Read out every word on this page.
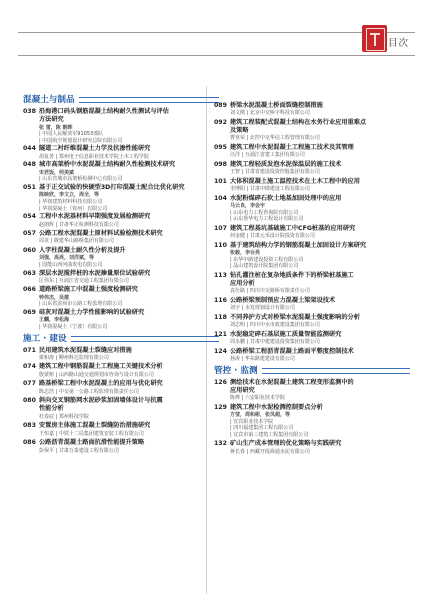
目次
混凝土与制品
038 沿海港口码头钢筋混凝土结构耐久性测试与评估
方法研究
张 雷，陈 朝晖
| 中国人民解放军91053部队
| 中国航空规划设计研究总院有限公司
044 隧道二衬纤维混凝土力学及抗渗性能研究
胡复善 | 郑州电子信息职业技术学院土木工程学院
048 城市高架桥中水泥混凝土结构耐久性检测技术研究
宋君饭，何美斌
| 山东省城市高架桥检测中心有限公司
051 基于正交试验的快硬型3D打印混凝土配合比优化研究
陈映欣，李文立，周全，等
| 华润建筑材料科技有限公司
| 华润混凝土（钦州）有限公司
054 工程中水泥基材料早期强度发展检测研究
赵朗辉 | 甘肃华正检测科技有限公司
057 公路工程水泥混凝土原材料试验检测技术研究
周龙 | 陇建华山路桥集团有限公司
060 人字柱混凝土耐久性分析及提升
刘强，高亮，刘洋斌，等
| 国能山西河曲发电有限公司
063 深层水泥搅拌桩的水泥掺量原位试验研究
匡伟东 | 互浦江省交通工程集团有限公司
066 道路桥梁施工中混凝土强度检测研究
钟伟杰，吴建
| 山东省滨州市公路工程监理有限公司
069 硅灰对混凝土力学性能影响的试验研究
王麟，李松海
| 华润混凝土（宁波）有限公司
施工 · 建设
071 民用建筑水泥混凝土裂缝应对措施
栗和涛 | 柳州科达监理有限公司
074 建筑工程中钢筋混凝土工程施工关键技术分析
殷蒙树 | 山西路山通交通规划市咨询与设计有限公司
077 路基桥梁工程中水泥混凝土的应用与优化研究
陈志浩 | 中交第一公路工程监理有限责任公司
080 斜向交叉钢筋网水泥砂浆加固墙体设计与抗震
性能分析
杜春辰 | 郑州科技学院
083 安置房主体施工混凝土裂缝防治措施研究
王恒嘉 | 中铁十二局集团建筑安装工程有限公司
086 公路沥青混凝土路面抗滑性能提升策略
彭保平 | 甘肃万泰建设工程有限公司
089 桥梁水泥混凝土桥面裂缝控制措施
刘文刚 | 北京中交桥宇科技有限公司
092 建筑工程装配式混凝土结构在水务行业应用重难点
及策略
曹亚荣 | 北控中交华信工程管理有限公司
095 建筑工程中水泥混凝土工程施工技术及其管理
汪洋 | 互浦江省建工集团有限公司
098 建筑工程轻质发泡水泥保温层的施工技术
王智 | 甘肃省建设投资控股集团有限公司
101 大体积混凝土施工温控技术在土木工程中的应用
李博阳 | 甘肃中勘建设工程有限公司
104 水泥粉煤碎石软土地基加固处理中的应用
马云良，李会宇
| 山东电力工程咨询院有限公司
| 山东鲁华电力工程设计有限公司
107 建筑工程基坑基础施工中CFG桩基的应用研究
何金健 | 甘肃元禾设计院投资有限公司
110 基于建筑结构力学的钢筋混凝土加固设计方案研究
张毅，李台亮
| 东华中路建设投资工程有限公司
| 晶山建筑设计院集团有限公司
113 钻孔灌注桩在复杂地质条件下的桥梁桩基施工
应用分析
袁仕路 | 四川川交路桥有限责任公司
116 公路桥梁预制预应力混凝土梁架设技术
刘宇 | 水发规划设计有限公司
118 不同养护方式对桥梁水泥混凝土强度影响的分析
刘志明 | 四川中水市政建设集团有限公司
121 水泥稳定碎石基层施工质量智能监测研究
周永鹏 | 甘肃中建建设投资集团有限公司
124 公路桥梁工程沥青混凝土路面平整度控制技术
孙涛 | 华东路建建设有限公司
管控 · 监测
126 测绘技术在水泥混凝土建筑工程变形监测中的
应用研究
陈烨 | 六安职业技术学院
129 建筑工程中水泥检测控制要点分析
方莹，周和彬，张凤超，等
| 宜宾职业技术学院
| 四川福建集团工程有限公司
| 宜宾市第三建筑工程集团有限公司
132 矿山生产成本管理的优化策略与实践研究
蒋长春 | 西藏开投海通水泥有限公司
